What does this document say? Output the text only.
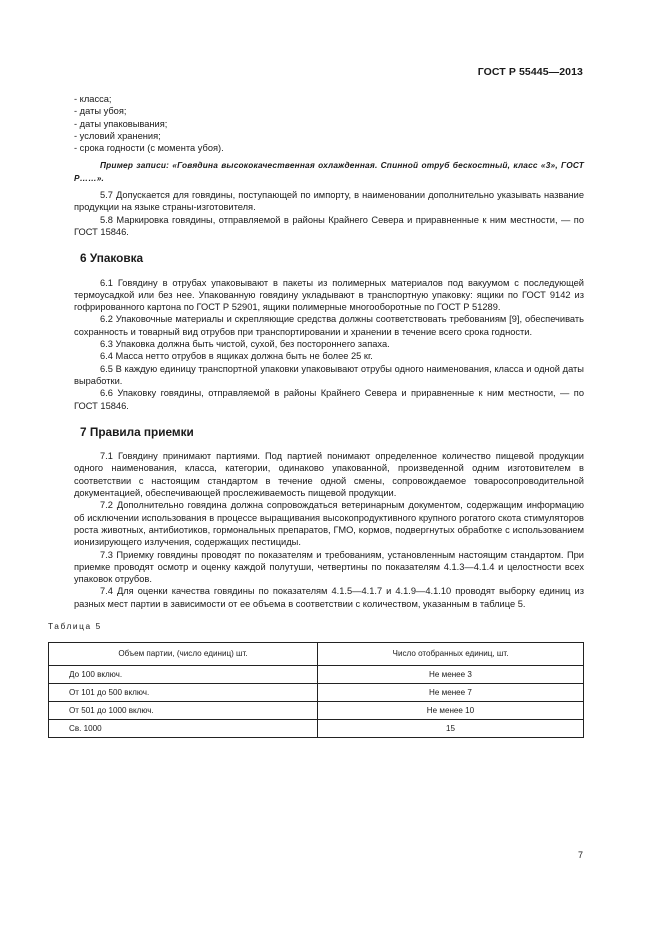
ГОСТ Р 55445—2013
- класса;
- даты убоя;
- даты упаковывания;
- условий хранения;
- срока годности (с момента убоя).

Пример записи: «Говядина высококачественная охлажденная. Спинной отруб бескостный, класс «3», ГОСТ Р……».

5.7 Допускается для говядины, поступающей по импорту, в наименовании дополнительно указывать название продукции на языке страны-изготовителя.

5.8 Маркировка говядины, отправляемой в районы Крайнего Севера и приравненные к ним местности, — по ГОСТ 15846.

6 Упаковка

6.1 Говядину в отрубах упаковывают в пакеты из полимерных материалов под вакуумом с последующей термоусадкой или без нее. Упакованную говядину укладывают в транспортную упаковку: ящики по ГОСТ 9142 из гофрированного картона по ГОСТ Р 52901, ящики полимерные многооборотные по ГОСТ Р 51289.

6.2 Упаковочные материалы и скрепляющие средства должны соответствовать требованиям [9], обеспечивать сохранность и товарный вид отрубов при транспортировании и хранении в течение всего срока годности.

6.3 Упаковка должна быть чистой, сухой, без постороннего запаха.

6.4 Масса нетто отрубов в ящиках должна быть не более 25 кг.

6.5 В каждую единицу транспортной упаковки упаковывают отрубы одного наименования, класса и одной даты выработки.

6.6 Упаковку говядины, отправляемой в районы Крайнего Севера и приравненные к ним местности, — по ГОСТ 15846.

7 Правила приемки

7.1 Говядину принимают партиями. Под партией понимают определенное количество пищевой продукции одного наименования, класса, категории, одинаково упакованной, произведенной одним изготовителем в соответствии с настоящим стандартом в течение одной смены, сопровождаемое товаросопроводительной документацией, обеспечивающей прослеживаемость пищевой продукции.

7.2 Дополнительно говядина должна сопровождаться ветеринарным документом, содержащим информацию об исключении использования в процессе выращивания высокопродуктивного крупного рогатого скота стимуляторов роста животных, антибиотиков, гормональных препаратов, ГМО, кормов, подвергнутых обработке с использованием ионизирующего излучения, содержащих пестициды.

7.3 Приемку говядины проводят по показателям и требованиям, установленным настоящим стандартом. При приемке проводят осмотр и оценку каждой полутуши, четвертины по показателям 4.1.3—4.1.4 и целостности всех упаковок отрубов.

7.4 Для оценки качества говядины по показателям 4.1.5—4.1.7 и 4.1.9—4.1.10 проводят выборку единиц из разных мест партии в зависимости от ее объема в соответствии с количеством, указанным в таблице 5.

Таблица 5
Объем партии, (число единиц) шт.	Число отобранных единиц, шт.
До 100 включ.	Не менее 3
От 101 до 500 включ.	Не менее 7
От 501 до 1000 включ.	Не менее 10
Св. 1000	15
7
